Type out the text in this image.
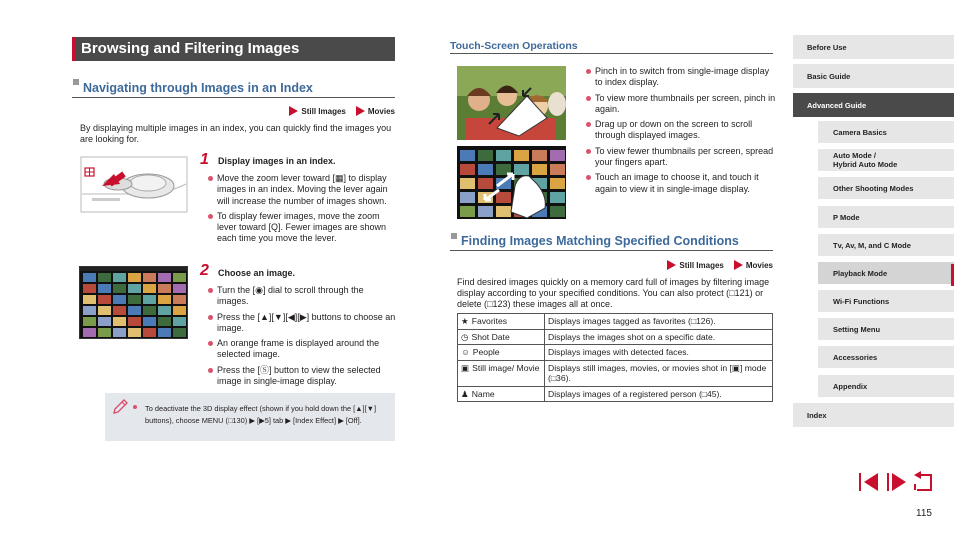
Browsing and Filtering Images
Navigating through Images in an Index
Still Images	Movies
By displaying multiple images in an index, you can quickly find the images you are looking for.
1 Display images in an index.
Move the zoom lever toward [▦] to display images in an index. Moving the lever again will increase the number of images shown.
To display fewer images, move the zoom lever toward [Q]. Fewer images are shown each time you move the lever.
2 Choose an image.
Turn the [◉] dial to scroll through the images.
Press the [▲][▼][◀][▶] buttons to choose an image.
An orange frame is displayed around the selected image.
Press the [Ⓢ] button to view the selected image in single-image display.
To deactivate the 3D display effect (shown if you hold down the [▲][▼] buttons), choose MENU (□130) ▶ [▶5] tab ▶ [Index Effect] ▶ [Off].
Touch-Screen Operations
Pinch in to switch from single-image display to index display.
To view more thumbnails per screen, pinch in again.
Drag up or down on the screen to scroll through displayed images.
To view fewer thumbnails per screen, spread your fingers apart.
Touch an image to choose it, and touch it again to view it in single-image display.
Finding Images Matching Specified Conditions
Still Images	Movies
Find desired images quickly on a memory card full of images by filtering image display according to your specified conditions. You can also protect (□121) or delete (□123) these images all at once.
★ Favorites	Displays images tagged as favorites (□126).
◷ Shot Date	Displays the images shot on a specific date.
☺ People	Displays images with detected faces.
▣ Still image/ Movie	Displays still images, movies, or movies shot in [▣] mode (□36).
♟ Name	Displays images of a registered person (□45).
Before Use
Basic Guide
Advanced Guide
Camera Basics
Auto Mode /
Hybrid Auto Mode
Other Shooting Modes
P Mode
Tv, Av, M, and C Mode
Playback Mode
Wi-Fi Functions
Setting Menu
Accessories
Appendix
Index
115
